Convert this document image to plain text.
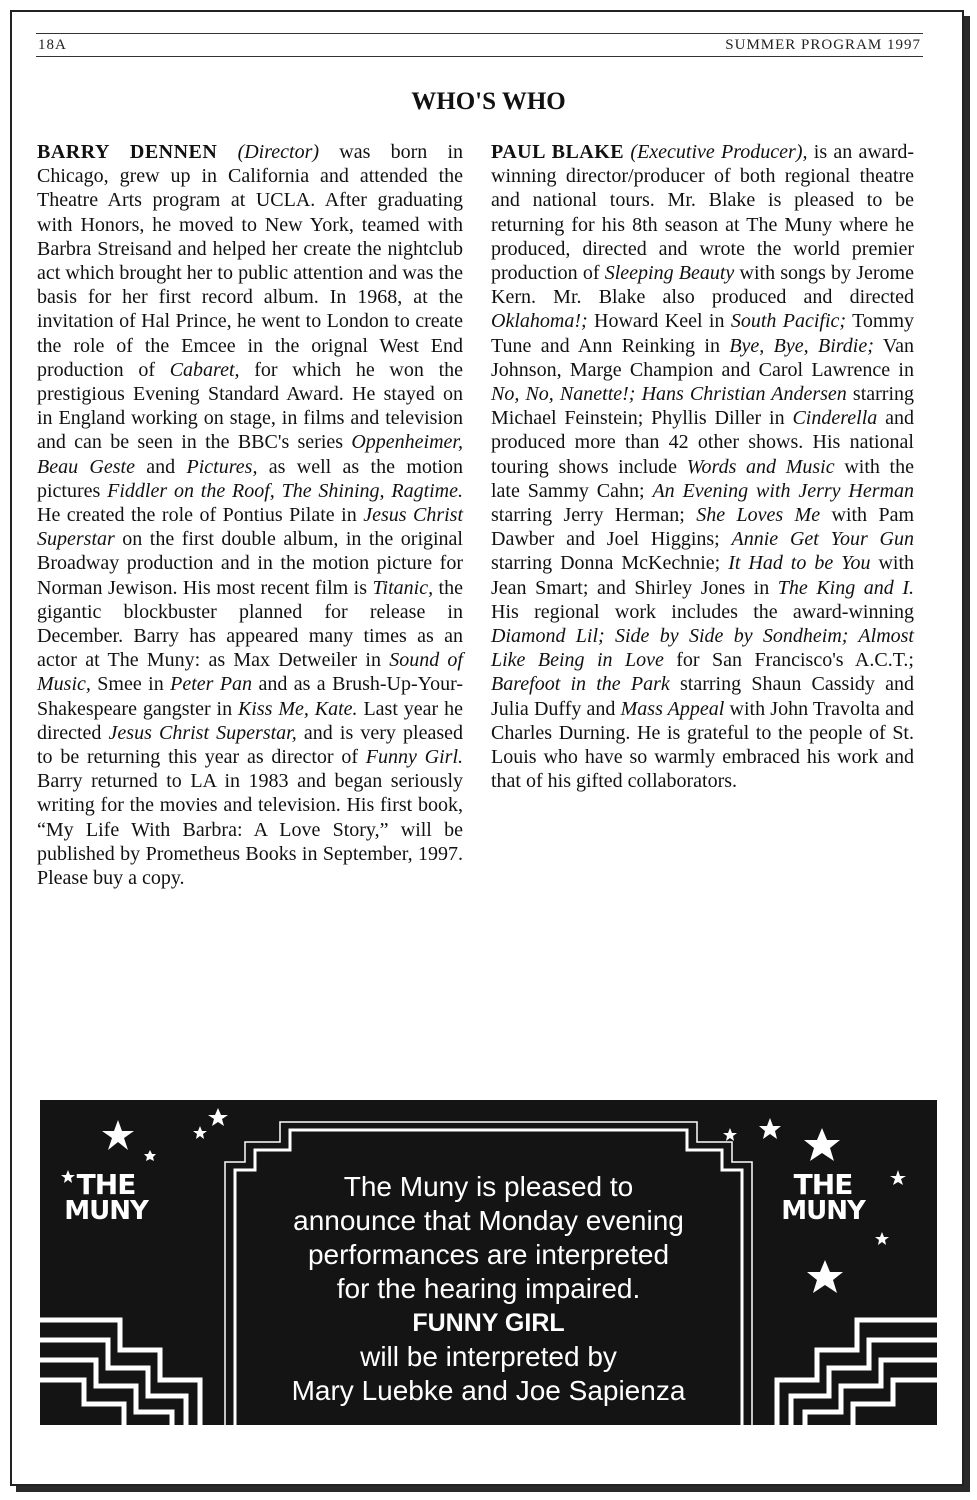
18A	SUMMER PROGRAM 1997
WHO'S WHO

BARRY DENNEN (Director) was born in Chicago, grew up in California and attended the Theatre Arts program at UCLA. After graduating with Honors, he moved to New York, teamed with Barbra Streisand and helped her create the nightclub act which brought her to public attention and was the basis for her first record album. In 1968, at the invitation of Hal Prince, he went to London to create the role of the Emcee in the orignal West End production of Cabaret, for which he won the prestigious Evening Standard Award. He stayed on in England working on stage, in films and television and can be seen in the BBC's series Oppenheimer, Beau Geste and Pictures, as well as the motion pictures Fiddler on the Roof, The Shining, Ragtime. He created the role of Pontius Pilate in Jesus Christ Superstar on the first double album, in the original Broadway production and in the motion picture for Norman Jewison. His most recent film is Titanic, the gigantic blockbuster planned for release in December. Barry has appeared many times as an actor at The Muny: as Max Detweiler in Sound of Music, Smee in Peter Pan and as a Brush-Up-Your-Shakespeare gangster in Kiss Me, Kate. Last year he directed Jesus Christ Superstar, and is very pleased to be returning this year as director of Funny Girl. Barry returned to LA in 1983 and began seriously writing for the movies and television. His first book, “My Life With Barbra: A Love Story,” will be published by Prometheus Books in September, 1997. Please buy a copy.

PAUL BLAKE (Executive Producer), is an award-winning director/producer of both regional theatre and national tours. Mr. Blake is pleased to be returning for his 8th season at The Muny where he produced, directed and wrote the world premier production of Sleeping Beauty with songs by Jerome Kern. Mr. Blake also produced and directed Oklahoma!; Howard Keel in South Pacific; Tommy Tune and Ann Reinking in Bye, Bye, Birdie; Van Johnson, Marge Champion and Carol Lawrence in No, No, Nanette!; Hans Christian Andersen starring Michael Feinstein; Phyllis Diller in Cinderella and produced more than 42 other shows. His national touring shows include Words and Music with the late Sammy Cahn; An Evening with Jerry Herman starring Jerry Herman; She Loves Me with Pam Dawber and Joel Higgins; Annie Get Your Gun starring Donna McKechnie; It Had to be You with Jean Smart; and Shirley Jones in The King and I. His regional work includes the award-winning Diamond Lil; Side by Side by Sondheim; Almost Like Being in Love for San Francisco's A.C.T.; Barefoot in the Park starring Shaun Cassidy and Julia Duffy and Mass Appeal with John Travolta and Charles Durning. He is grateful to the people of St. Louis who have so warmly embraced his work and that of his gifted collaborators.

THE
MUNY
THE
MUNY
The Muny is pleased to
announce that Monday evening
performances are interpreted
for the hearing impaired.
FUNNY GIRL
will be interpreted by
Mary Luebke and Joe Sapienza
